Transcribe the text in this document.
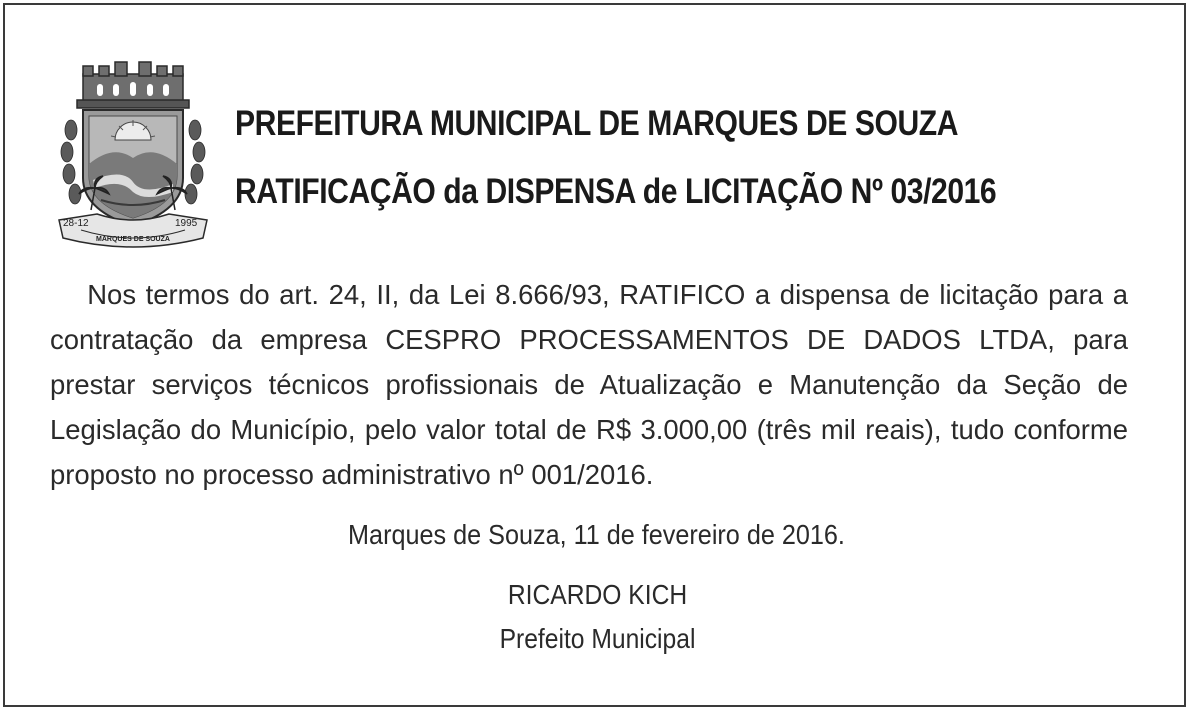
28-12	1995
MARQUES DE SOUZA
PREFEITURA MUNICIPAL DE MARQUES DE SOUZA
RATIFICAÇÃO da DISPENSA de LICITAÇÃO Nº 03/2016

Nos termos do art. 24, II, da Lei 8.666/93, RATIFICO a dispensa de licitação para a contratação da empresa CESPRO PROCESSAMENTOS DE DADOS LTDA, para prestar serviços técnicos profissionais de Atualização e Manutenção da Seção de Legislação do Município, pelo valor total de R$ 3.000,00 (três mil reais), tudo conforme proposto no processo administrativo nº 001/2016.

Marques de Souza, 11 de fevereiro de 2016.

RICARDO KICH

Prefeito Municipal
